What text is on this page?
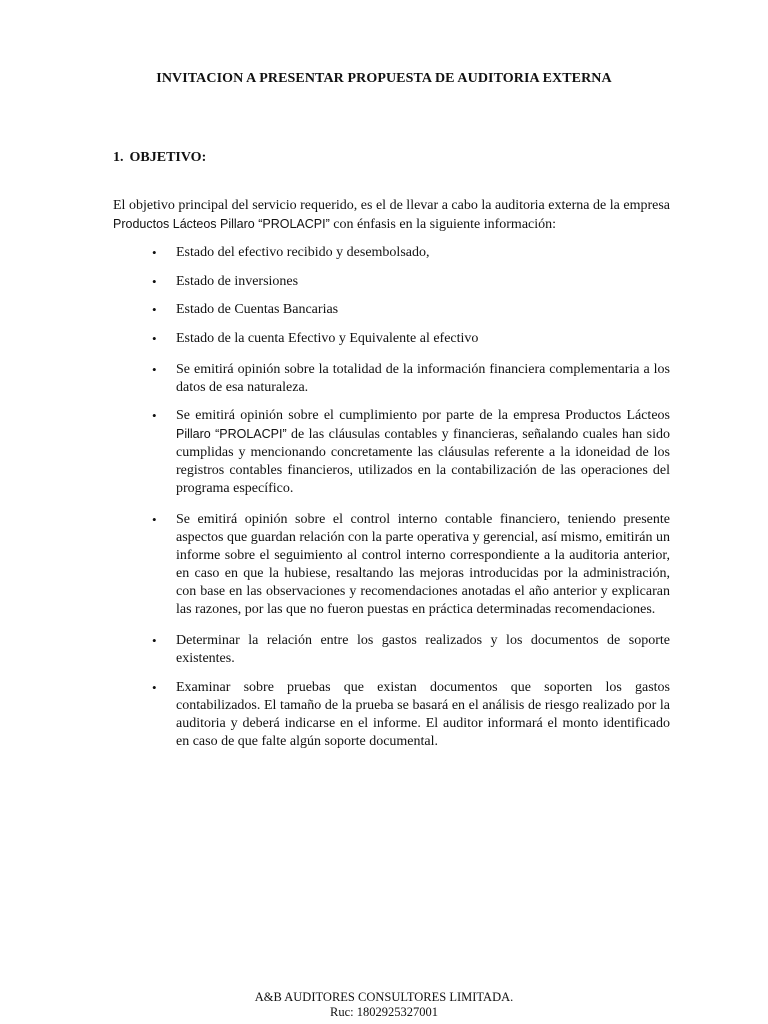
INVITACION A PRESENTAR PROPUESTA DE AUDITORIA EXTERNA
1. OBJETIVO:

El objetivo principal del servicio requerido, es el de llevar a cabo la auditoria externa de la empresa Productos Lácteos Pillaro “PROLACPI” con énfasis en la siguiente información:

• Estado del efectivo recibido y desembolsado,
• Estado de inversiones
• Estado de Cuentas Bancarias
• Estado de la cuenta Efectivo y Equivalente al efectivo
• Se emitirá opinión sobre la totalidad de la información financiera complementaria a los datos de esa naturaleza.
• Se emitirá opinión sobre el cumplimiento por parte de la empresa Productos Lácteos Pillaro “PROLACPI” de las cláusulas contables y financieras, señalando cuales han sido cumplidas y mencionando concretamente las cláusulas referente a la idoneidad de los registros contables financieros, utilizados en la contabilización de las operaciones del programa específico.
• Se emitirá opinión sobre el control interno contable financiero, teniendo presente aspectos que guardan relación con la parte operativa y gerencial, así mismo, emitirán un informe sobre el seguimiento al control interno correspondiente a la auditoria anterior, en caso en que la hubiese, resaltando las mejoras introducidas por la administración, con base en las observaciones y recomendaciones anotadas el año anterior y explicaran las razones, por las que no fueron puestas en práctica determinadas recomendaciones.
• Determinar la relación entre los gastos realizados y los documentos de soporte existentes.
• Examinar sobre pruebas que existan documentos que soporten los gastos contabilizados. El tamaño de la prueba se basará en el análisis de riesgo realizado por la auditoria y deberá indicarse en el informe. El auditor informará el monto identificado en caso de que falte algún soporte documental.
A&B AUDITORES CONSULTORES LIMITADA.
Ruc: 1802925327001
